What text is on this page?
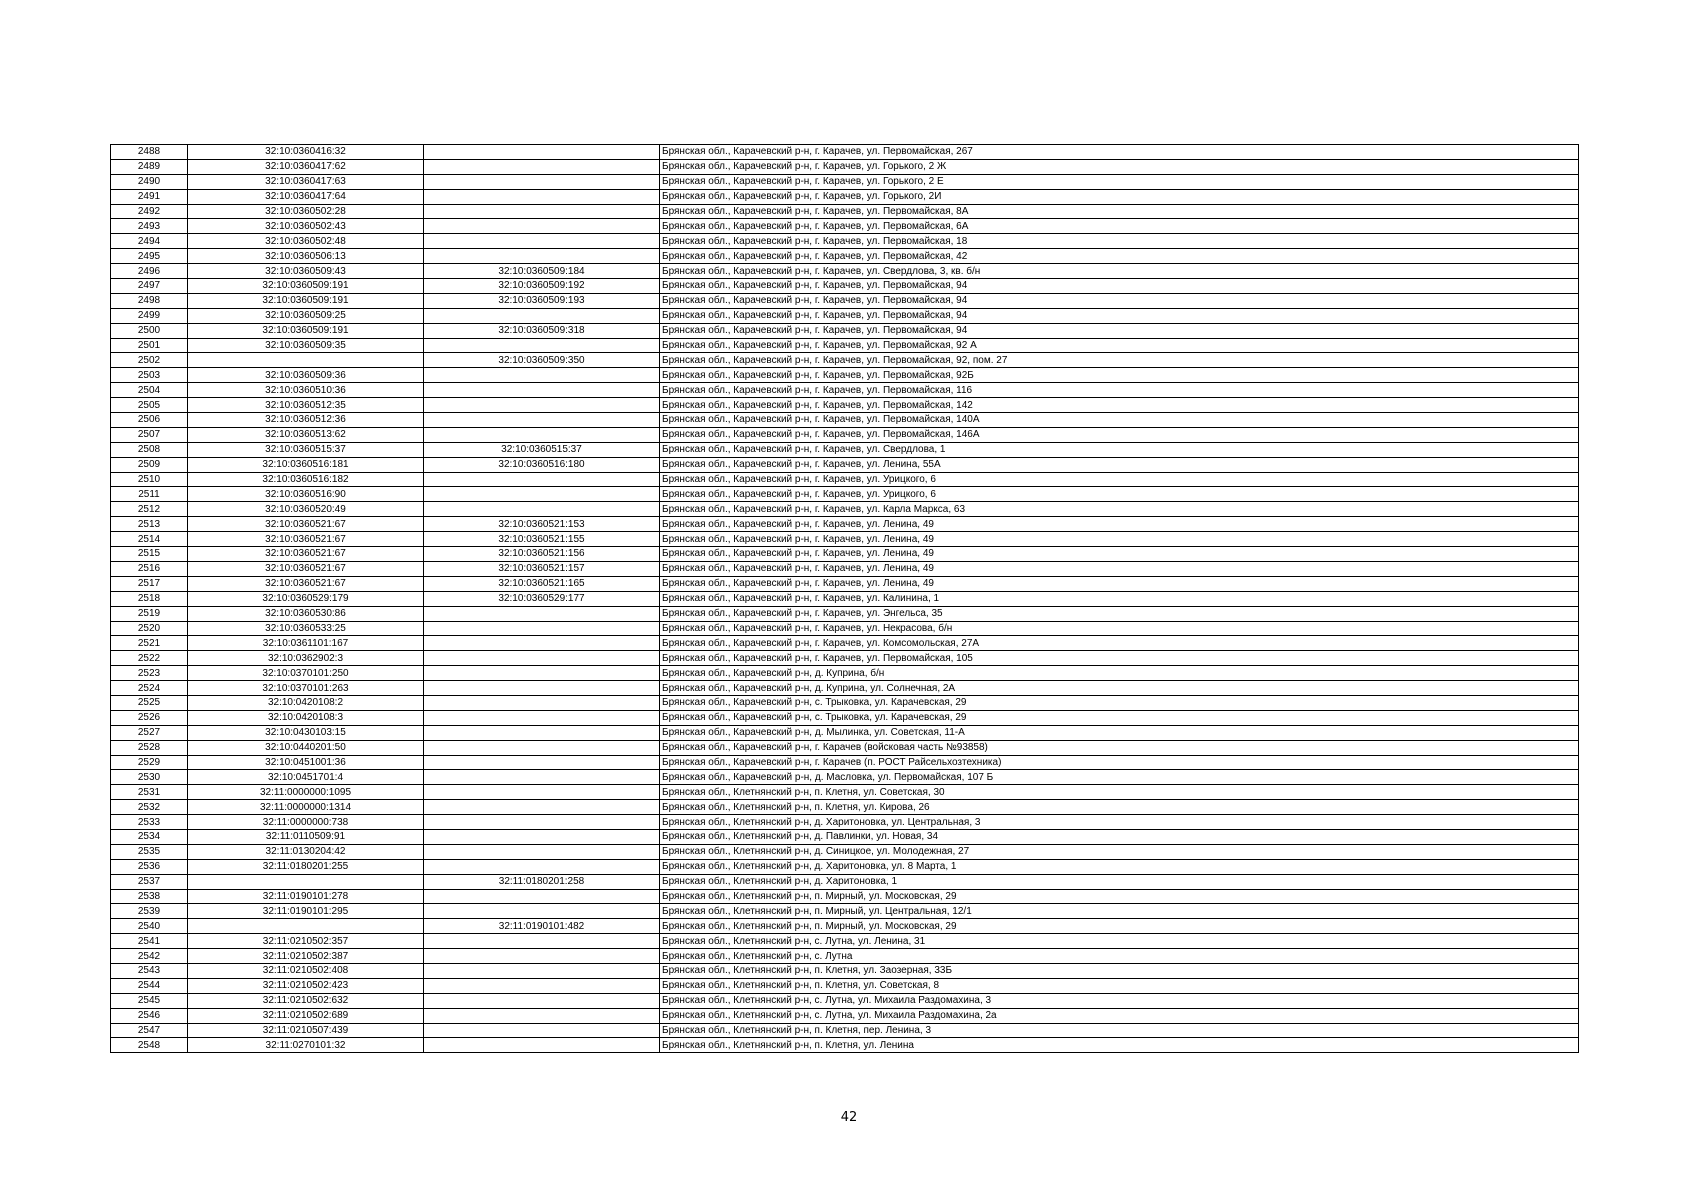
2488	32:10:0360416:32		Брянская обл., Карачевский р-н, г. Карачев, ул. Первомайская, 267
2489	32:10:0360417:62		Брянская обл., Карачевский р-н, г. Карачев, ул. Горького, 2 Ж
2490	32:10:0360417:63		Брянская обл., Карачевский р-н, г. Карачев, ул. Горького, 2 Е
2491	32:10:0360417:64		Брянская обл., Карачевский р-н, г. Карачев, ул. Горького, 2И
2492	32:10:0360502:28		Брянская обл., Карачевский р-н, г. Карачев, ул. Первомайская, 8А
2493	32:10:0360502:43		Брянская обл., Карачевский р-н, г. Карачев, ул. Первомайская, 6А
2494	32:10:0360502:48		Брянская обл., Карачевский р-н, г. Карачев, ул. Первомайская, 18
2495	32:10:0360506:13		Брянская обл., Карачевский р-н, г. Карачев, ул. Первомайская, 42
2496	32:10:0360509:43	32:10:0360509:184	Брянская обл., Карачевский р-н, г. Карачев, ул. Свердлова, 3, кв. б/н
2497	32:10:0360509:191	32:10:0360509:192	Брянская обл., Карачевский р-н, г. Карачев, ул. Первомайская, 94
2498	32:10:0360509:191	32:10:0360509:193	Брянская обл., Карачевский р-н, г. Карачев, ул. Первомайская, 94
2499	32:10:0360509:25		Брянская обл., Карачевский р-н, г. Карачев, ул. Первомайская, 94
2500	32:10:0360509:191	32:10:0360509:318	Брянская обл., Карачевский р-н, г. Карачев, ул. Первомайская, 94
2501	32:10:0360509:35		Брянская обл., Карачевский р-н, г. Карачев, ул. Первомайская, 92 А
2502		32:10:0360509:350	Брянская обл., Карачевский р-н, г. Карачев, ул. Первомайская, 92, пом. 27
2503	32:10:0360509:36		Брянская обл., Карачевский р-н, г. Карачев, ул. Первомайская, 92Б
2504	32:10:0360510:36		Брянская обл., Карачевский р-н, г. Карачев, ул. Первомайская, 116
2505	32:10:0360512:35		Брянская обл., Карачевский р-н, г. Карачев, ул. Первомайская, 142
2506	32:10:0360512:36		Брянская обл., Карачевский р-н, г. Карачев, ул. Первомайская, 140А
2507	32:10:0360513:62		Брянская обл., Карачевский р-н, г. Карачев, ул. Первомайская, 146А
2508	32:10:0360515:37	32:10:0360515:37	Брянская обл., Карачевский р-н, г. Карачев, ул. Свердлова, 1
2509	32:10:0360516:181	32:10:0360516:180	Брянская обл., Карачевский р-н, г. Карачев, ул. Ленина, 55А
2510	32:10:0360516:182		Брянская обл., Карачевский р-н, г. Карачев, ул. Урицкого, 6
2511	32:10:0360516:90		Брянская обл., Карачевский р-н, г. Карачев, ул. Урицкого, 6
2512	32:10:0360520:49		Брянская обл., Карачевский р-н, г. Карачев, ул. Карла Маркса, 63
2513	32:10:0360521:67	32:10:0360521:153	Брянская обл., Карачевский р-н, г. Карачев, ул. Ленина, 49
2514	32:10:0360521:67	32:10:0360521:155	Брянская обл., Карачевский р-н, г. Карачев, ул. Ленина, 49
2515	32:10:0360521:67	32:10:0360521:156	Брянская обл., Карачевский р-н, г. Карачев, ул. Ленина, 49
2516	32:10:0360521:67	32:10:0360521:157	Брянская обл., Карачевский р-н, г. Карачев, ул. Ленина, 49
2517	32:10:0360521:67	32:10:0360521:165	Брянская обл., Карачевский р-н, г. Карачев, ул. Ленина, 49
2518	32:10:0360529:179	32:10:0360529:177	Брянская обл., Карачевский р-н, г. Карачев, ул. Калинина, 1
2519	32:10:0360530:86		Брянская обл., Карачевский р-н, г. Карачев, ул. Энгельса, 35
2520	32:10:0360533:25		Брянская обл., Карачевский р-н, г. Карачев, ул. Некрасова, б/н
2521	32:10:0361101:167		Брянская обл., Карачевский р-н, г. Карачев, ул. Комсомольская, 27А
2522	32:10:0362902:3		Брянская обл., Карачевский р-н, г. Карачев, ул. Первомайская, 105
2523	32:10:0370101:250		Брянская обл., Карачевский р-н, д. Куприна, б/н
2524	32:10:0370101:263		Брянская обл., Карачевский р-н, д. Куприна, ул. Солнечная, 2А
2525	32:10:0420108:2		Брянская обл., Карачевский р-н, с. Трыковка, ул. Карачевская, 29
2526	32:10:0420108:3		Брянская обл., Карачевский р-н, с. Трыковка, ул. Карачевская, 29
2527	32:10:0430103:15		Брянская обл., Карачевский р-н, д. Мылинка, ул. Советская, 11-А
2528	32:10:0440201:50		Брянская обл., Карачевский р-н, г. Карачев (войсковая часть №93858)
2529	32:10:0451001:36		Брянская обл., Карачевский р-н, г. Карачев (п. РОСТ Райсельхозтехника)
2530	32:10:0451701:4		Брянская обл., Карачевский р-н, д. Масловка, ул. Первомайская, 107 Б
2531	32:11:0000000:1095		Брянская обл., Клетнянский р-н, п. Клетня, ул. Советская, 30
2532	32:11:0000000:1314		Брянская обл., Клетнянский р-н, п. Клетня, ул. Кирова, 26
2533	32:11:0000000:738		Брянская обл., Клетнянский р-н, д. Харитоновка, ул. Центральная, 3
2534	32:11:0110509:91		Брянская обл., Клетнянский р-н, д. Павлинки, ул. Новая, 34
2535	32:11:0130204:42		Брянская обл., Клетнянский р-н, д. Синицкое, ул. Молодежная, 27
2536	32:11:0180201:255		Брянская обл., Клетнянский р-н, д. Харитоновка, ул. 8 Марта, 1
2537		32:11:0180201:258	Брянская обл., Клетнянский р-н, д. Харитоновка, 1
2538	32:11:0190101:278		Брянская обл., Клетнянский р-н, п. Мирный, ул. Московская, 29
2539	32:11:0190101:295		Брянская обл., Клетнянский р-н, п. Мирный, ул. Центральная, 12/1
2540		32:11:0190101:482	Брянская обл., Клетнянский р-н, п. Мирный, ул. Московская, 29
2541	32:11:0210502:357		Брянская обл., Клетнянский р-н, с. Лутна, ул. Ленина, 31
2542	32:11:0210502:387		Брянская обл., Клетнянский р-н, с. Лутна
2543	32:11:0210502:408		Брянская обл., Клетнянский р-н, п. Клетня, ул. Заозерная, 33Б
2544	32:11:0210502:423		Брянская обл., Клетнянский р-н, п. Клетня, ул. Советская, 8
2545	32:11:0210502:632		Брянская обл., Клетнянский р-н, с. Лутна, ул. Михаила Раздомахина, 3
2546	32:11:0210502:689		Брянская обл., Клетнянский р-н, с. Лутна, ул. Михаила Раздомахина, 2а
2547	32:11:0210507:439		Брянская обл., Клетнянский р-н, п. Клетня, пер. Ленина, 3
2548	32:11:0270101:32		Брянская обл., Клетнянский р-н, п. Клетня, ул. Ленина
42
